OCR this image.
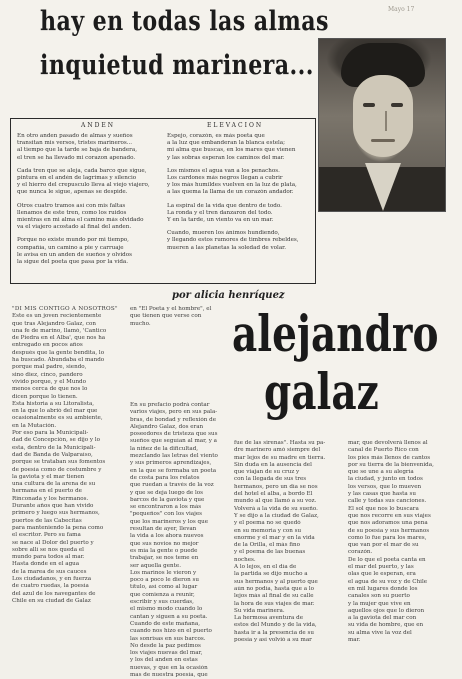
Mayo 17
hay en todas las almas
inquietud marinera...
ANDEN	ELEVACION
En otro anden pasado de almas y sueños
transitan mis versos, tristes marineros...
al tiempo que la tarde se baja de bandera,
el tren se ha llevado mi corazon apenado.
Cada tren que se aleja, cada barco que sigue,
pintura en el andén de lagrimas y silencio
y el hierro del crepusculo lleva al viejo viajero,
que nunca le sigue, apenas se despide.
Otros cuatro tramos así con mis faltas
llenamos de este tren, como los ruidos
mientras en mi alma el camino más olvidado
va el viajero acostado al final del anden.
Porque no existe mundo por mi tiempo,
compañía, un camino a pie y carruaje
le avisa en un anden de sueños y olvidos
la sigue del poeta que pasa por la vida.
Espejo, corazón, es más poeta que
a la luz que embanderan la blanca estela;
mi alma que buscas, en los mares que vienen
y las sobras esperan los caminos del mar.
Los mismos el agua van a los penachos.
Los cardones más negros llegan a cubrir
y los más humildes vuelven en la luz de plata,
a las quema la llama de un corazón andador.
La espiral de la vida que dentro de todo.
La ronda y el tren danzaron del todo.
Y en la tarde, un viento va en un mar.
Cuando, mueren los ánimos hundiendo,
y llegando estos rumores de timbres rebeldes,
mueren a las planetas la soledad de volar.
por alicia henríquez
alejandro
galaz
"DI MIS CONTIGO A NOSOTROS"
Este es un joven recientemente
que tras Alejandro Galaz, con
una fe de marino, llamó, 'Cantico
de Piedra en el Alba', que nos ha
entregado en pocos años
después que la gente bendita, lo
ha buscado. Abundaba el mando
porque mal padre, siendo,
sino diez, cinco, pandero
vivido porque, y el Mundo
menos cerca de que nos lo
dicen porque lo tienen.
Esta historia a su Litoralista,
en la que lo abrió del mar que
ocasionalmente es su ambiente,
en la Mutación.
Por eso para la Municipali-
dad de Concepción, se dijo y lo
esta, dentro de la Municipali-
dad de Banda de Valparaíso,
porque se trataban sus fomentos
de poesía como de costumbre y
la gaviota y el mar tienen
una cultura de la arena de su
hermana en el puerto de
Rinconada y los hermanos.
Durante años que han vivido
primero y luego sus hermanos,
puertos de las Cabecitas
para manteniendo la pena como
el escritor. Pero su fama
se nace al Dolor del puerto y
sobre allí se nos queda el
mundo para todos al mar.
Hasta donde en el agua
de la marea de sus cauces
Los ciudadanos, y en fuerza
de cuatro ruedas, la poesía
del azul de los navegantes de
Chile en su ciudad de Galaz
en "El Poeta y el hombre", el
que tienen que verse con
mucho.
En su prefacio podrá contar
varios viajes, pero en sus pala-
bras, de bondad y reflexión de
Alejandro Galaz, dos eran
poseedores de tristeza que sus
sueños que seguían al mar, y a
la niñez de la dificultad,
mezclando las letras del viento
y sus primeros aprendizajes,
en la que se formaba un poeta
de costa para los relatos
que ruedan a través de la voz
y que se deja luego de los
barcos de la gaviota y que
se encontraron a los más
"pequeños" con los viajes
que los marineros y los que
resultan de ayer, llevan
la vida a los ahora nuevos
que sus novios no mejor
es mía la gente o puede
trabajar, se nos teme en
ser aquella gente.
Los marinos le vieron y
poco a poco le dieron su
título, así como al lugar
que comienza a reunir,
escribir y sus cuerdas,
el mismo modo cuando lo
cantan y siguen a su poeta.
Cuando de este mañana,
cuando nos hizo en el puerto
las sonrisas en sus barcos.
No desde la paz pedimos
los viajes nuevas del mar,
y los del anden en estas
nuevas, y que en la ocasión
mas de nuestra poesía, que
fue de las sirenas". Hasta su pa-
dre marinero amó siempre del
mar lejos de su madre en tierra.
Sin duda en la ausencia del
que viajan de su cruz y
con la llegada de sus tres
hermanos, pero un día se nos
del hotel el alba, a bordo El
mundo al que llamó a su voz.
Volverá a la vida de su sueño.
Y se dijo a la ciudad de Galaz,
y el poema no se quedó
en su memoria y con su
enorme y el mar y en la vida
de la Orilla, el más fino
y el poema de las buenas
noches.
A lo lejos, en el día de
la partida se dijo mucho a
sus hermanos y al puerto que
aún no podía, hasta que a lo
lejos más al final de su calle
la hora de sus viajes de mar.
Su vida marinera.
La hermosa aventura de
estos del Mundo y de la vida,
hasta ir a la presencia de su
poesía y así volvió a su mar
mar, que devolverá llenos al
canal de Puerto Rico con
los pies más llenos de cantos
por su tierra de la bienvenida,
que se une a su alegría
la ciudad, y junto en todos
los versos, que lo mueven
y las casas que hasta su
calle y todas sus canciones.
El sol que nos lo buscara
que nos recorre en sus viajes
que nos adoramos una pena
de su poesía y sus hermanos
como lo fue para los mares,
que van por el mar de su
corazón.
De lo que el poeta canta en
el mar del puerto, y las
olas que le esperan, era
el agua de su voz y de Chile
en mil lugares donde los
canales son su puerto
y la mujer que vive en
aquellos ojos que lo dieron
a la gaviota del mar con
su vida de hombre, que en
su alma vive la voz del
mar.
